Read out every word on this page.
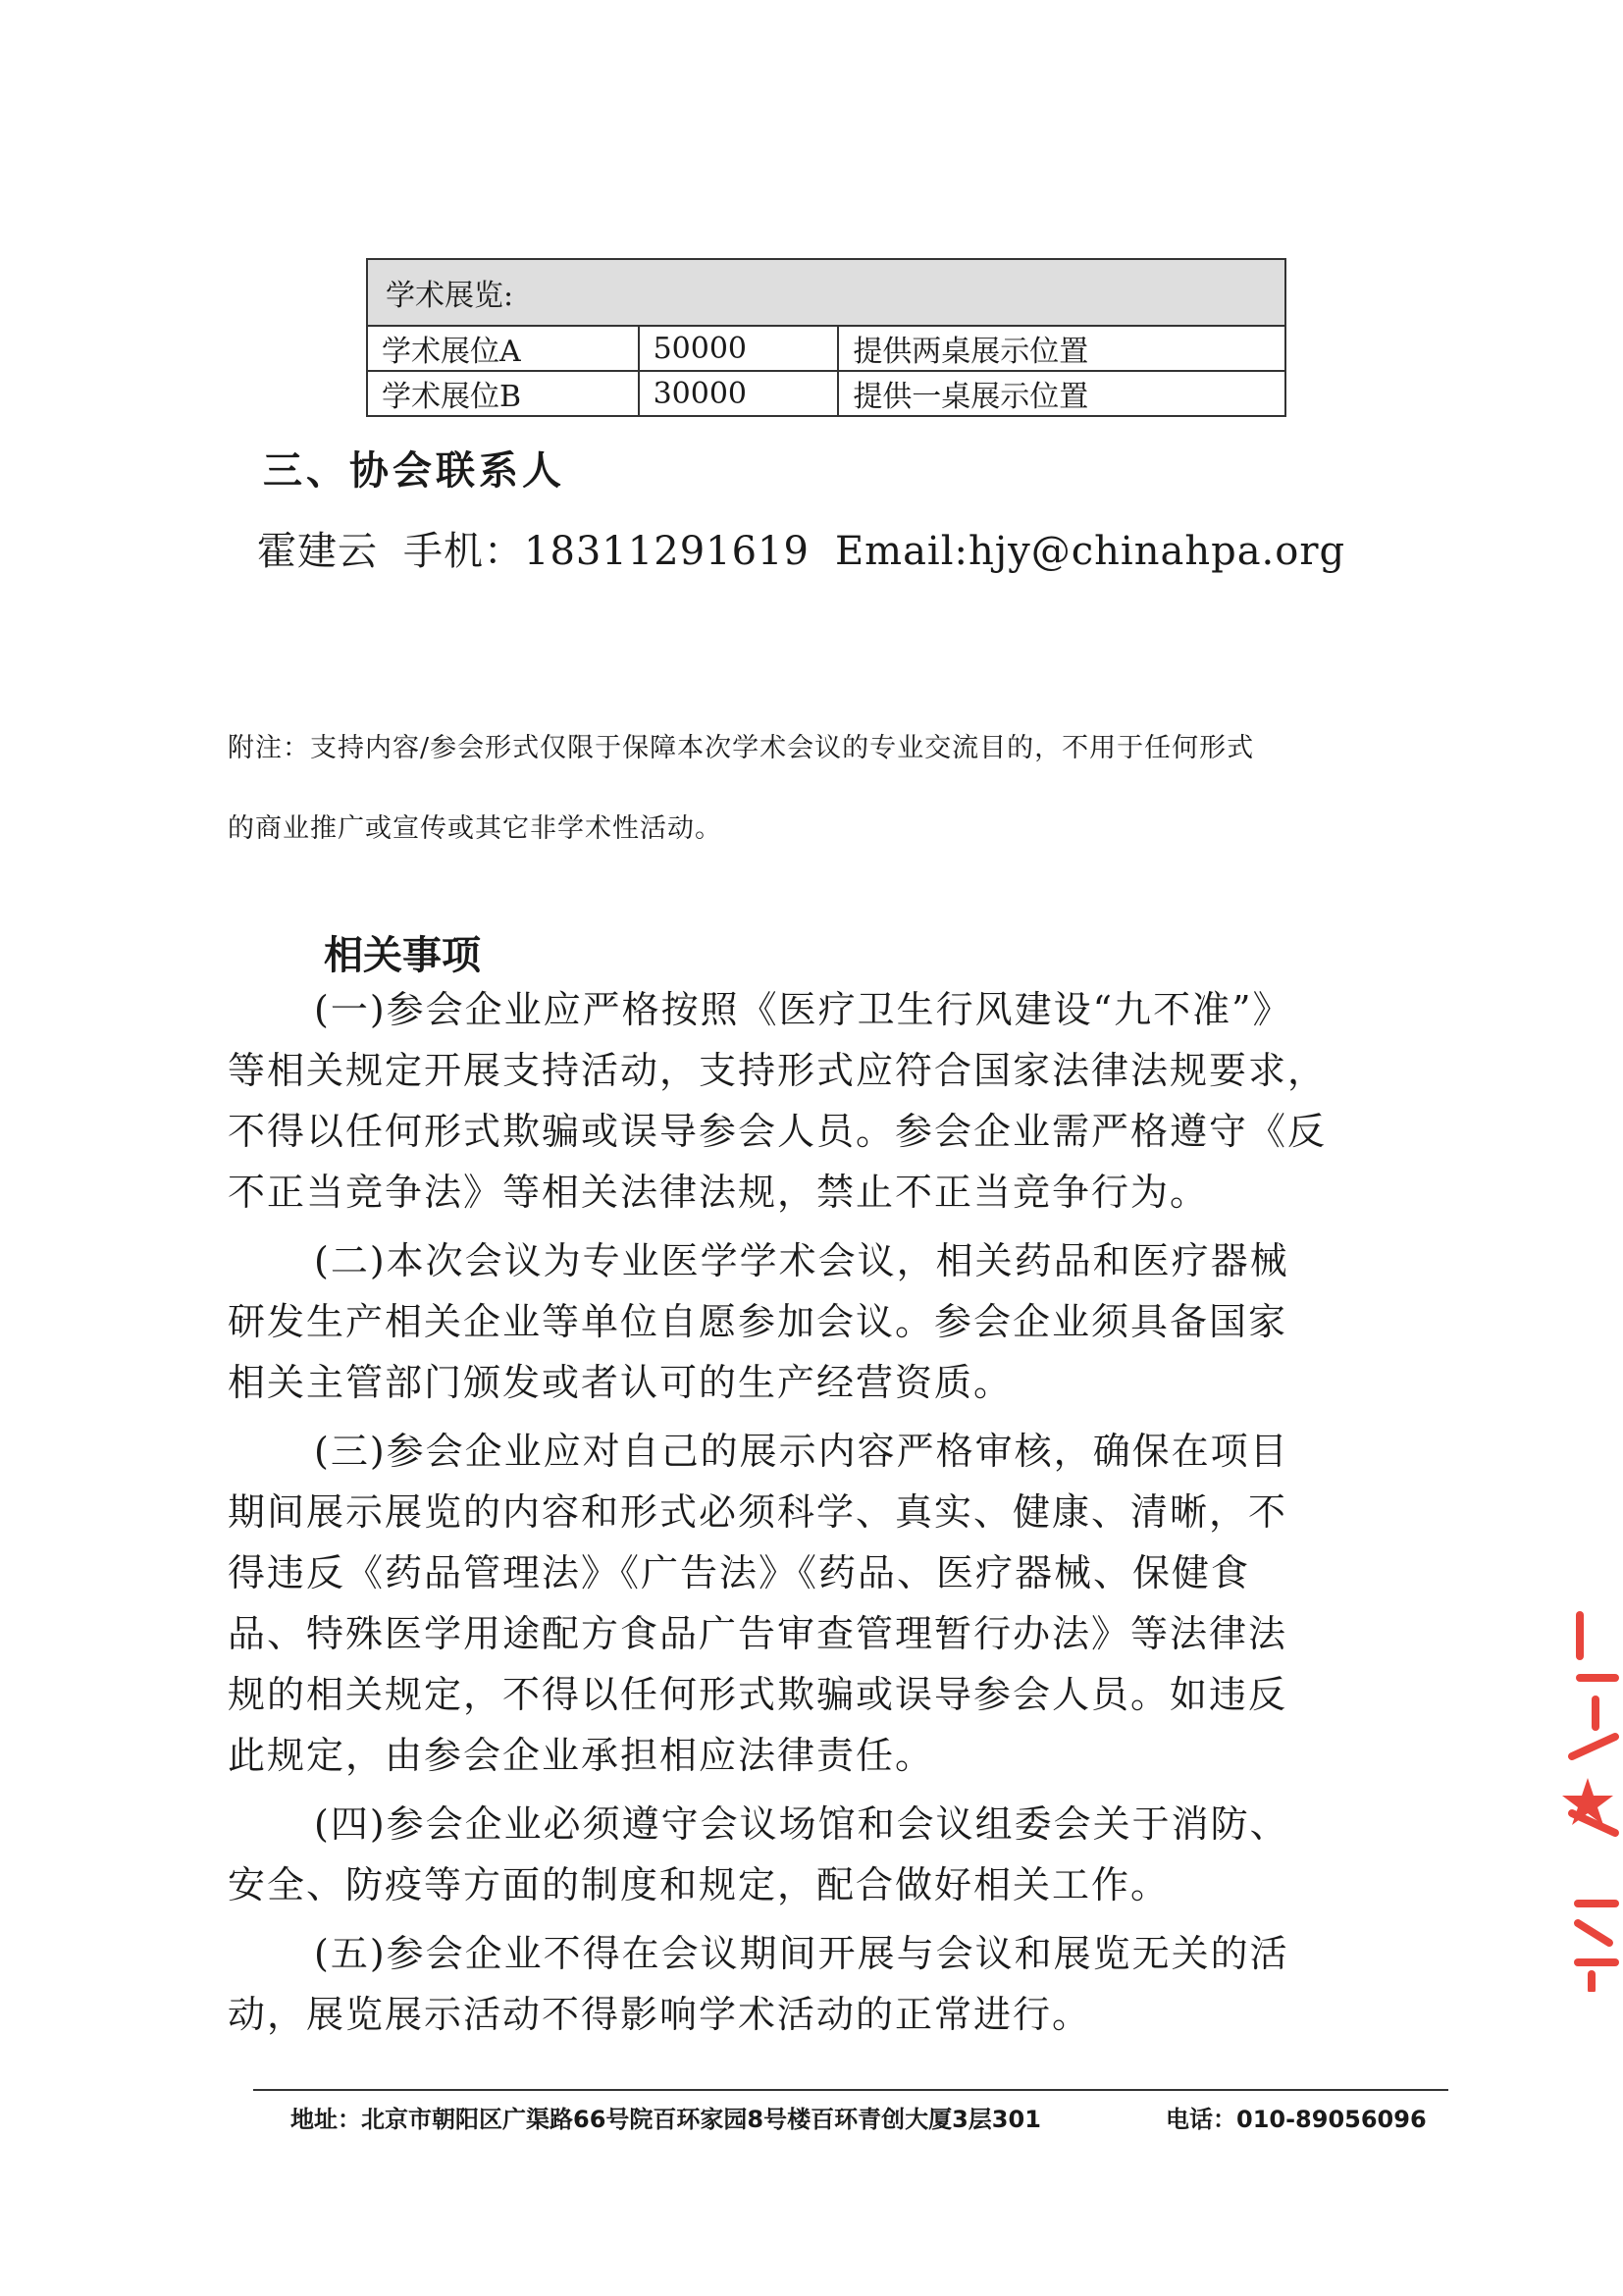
学术展览:		
学术展位A	50000	提供两桌展示位置
学术展位B	30000	提供一桌展示位置
三、协会联系人
霍建云 手机：18311291619 Email:hjy@chinahpa.org
附注：支持内容/参会形式仅限于保障本次学术会议的专业交流目的，不用于任何形式
的商业推广或宣传或其它非学术性活动。
相关事项
(一)参会企业应严格按照《医疗卫生行风建设“九不准”》
等相关规定开展支持活动，支持形式应符合国家法律法规要求，
不得以任何形式欺骗或误导参会人员。参会企业需严格遵守《反
不正当竞争法》等相关法律法规，禁止不正当竞争行为。
(二)本次会议为专业医学学术会议，相关药品和医疗器械
研发生产相关企业等单位自愿参加会议。参会企业须具备国家
相关主管部门颁发或者认可的生产经营资质。
(三)参会企业应对自己的展示内容严格审核，确保在项目
期间展示展览的内容和形式必须科学、真实、健康、清晰，不
得违反《药品管理法》《广告法》《药品、医疗器械、保健食
品、特殊医学用途配方食品广告审查管理暂行办法》等法律法
规的相关规定，不得以任何形式欺骗或误导参会人员。如违反
此规定，由参会企业承担相应法律责任。
(四)参会企业必须遵守会议场馆和会议组委会关于消防、
安全、防疫等方面的制度和规定，配合做好相关工作。
(五)参会企业不得在会议期间开展与会议和展览无关的活
动，展览展示活动不得影响学术活动的正常进行。
地址：北京市朝阳区广渠路66号院百环家园8号楼百环青创大厦3层301	电话：010-89056096
